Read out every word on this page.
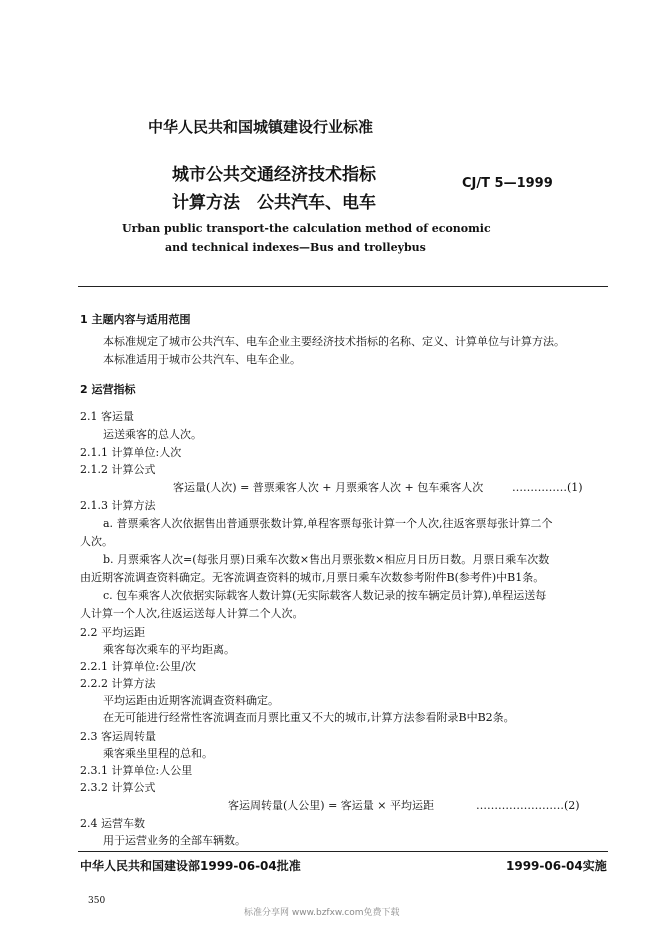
中华人民共和国城镇建设行业标准
城市公共交通经济技术指标
计算方法　公共汽车、电车
CJ/T 5—1999
Urban public transport-the calculation method of economic
and technical indexes—Bus and trolleybus
1 主题内容与适用范围
本标准规定了城市公共汽车、电车企业主要经济技术指标的名称、定义、计算单位与计算方法。
本标准适用于城市公共汽车、电车企业。
2 运营指标
2.1 客运量
运送乘客的总人次。
2.1.1 计算单位:人次
2.1.2 计算公式
客运量(人次) = 普票乘客人次 + 月票乘客人次 + 包车乘客人次	……………(1)
2.1.3 计算方法
a. 普票乘客人次依据售出普通票张数计算,单程客票每张计算一个人次,往返客票每张计算二个
人次。
b. 月票乘客人次=(每张月票)日乘车次数×售出月票张数×相应月日历日数。月票日乘车次数
由近期客流调查资料确定。无客流调查资料的城市,月票日乘车次数参考附件B(参考件)中B1条。
c. 包车乘客人次依据实际载客人数计算(无实际载客人数记录的按车辆定员计算),单程运送每
人计算一个人次,往返运送每人计算二个人次。
2.2 平均运距
乘客每次乘车的平均距离。
2.2.1 计算单位:公里/次
2.2.2 计算方法
平均运距由近期客流调查资料确定。
在无可能进行经常性客流调查而月票比重又不大的城市,计算方法参看附录B中B2条。
2.3 客运周转量
乘客乘坐里程的总和。
2.3.1 计算单位:人公里
2.3.2 计算公式
客运周转量(人公里) = 客运量 × 平均运距	……………………(2)
2.4 运营车数
用于运营业务的全部车辆数。
中华人民共和国建设部1999-06-04批准	1999-06-04实施
350
标准分享网 www.bzfxw.com免费下载
